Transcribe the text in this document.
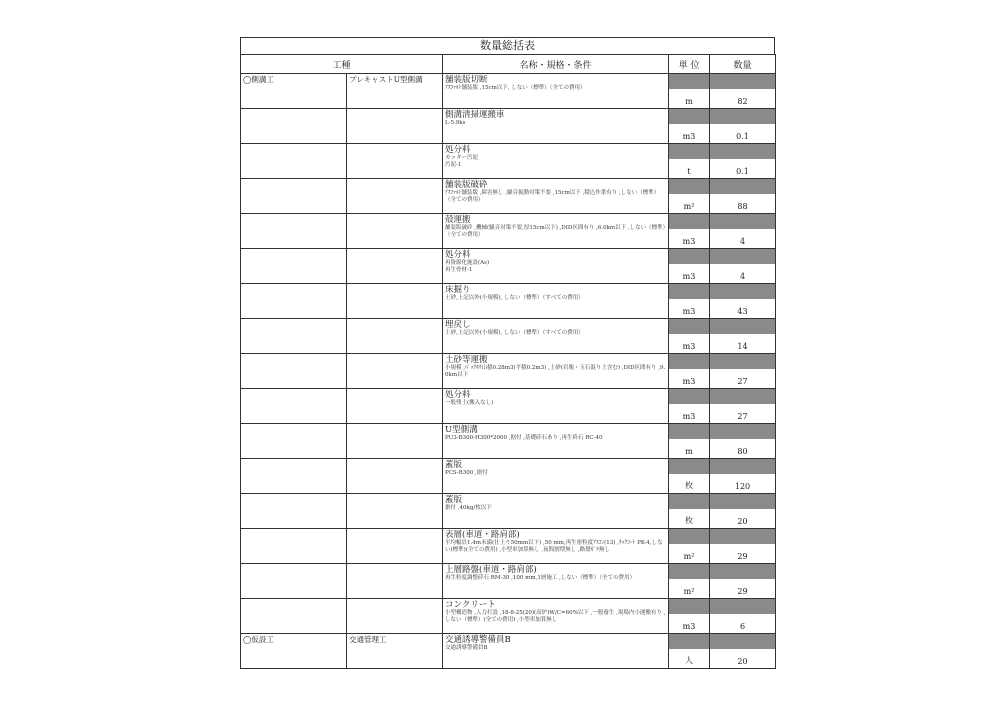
数量総括表
工種		名称・規格・条件	単 位	数量
◯側溝工	プレキャストU型側溝	舗装版切断
ｱｽﾌｧﾙﾄ舗装版 ,15cm以下, しない（標準）（全ての費用）	m	82

		側溝清掃運搬車
L-5.9ks	m3	0.1

		処分料
カッター汚泥
汚泥-1	t	0.1

		舗装版破砕
ｱｽﾌｧﾙﾄ舗装版 ,障害無し ,騒音振動対策不要 ,15cm以下 ,積込作業有り ,しない（標準）（全ての費用）	m²	88

		殻運搬
舗装版破砕 ,機械(騒音対策不要,厚15cm以下) ,DID区間有り ,6.0km以下 ,しない（標準）（全ての費用）	m3	4

		処分料
再資源化施設(As)
再生骨材-1	m3	4

		床掘り
土砂,上記以外(小規模), しない（標準）（すべての費用）	m3	43

		埋戻し
土砂,上記以外(小規模), しない（標準）（すべての費用）	m3	14

		土砂等運搬
小規模 ,ﾊﾞｯｸﾎｳ山積0.28m3(平積0.2m3) ,土砂(岩塊・玉石混り土含む) ,DID区間有り ,9.0km以下	m3	27

		処分料
一般残土(搬入なし)	m3	27

		U型側溝
PU3-B300-H300*2000 ,据付 ,基礎砕石あり ,再生砕石 RC-40	m	80

		蓋版
PCS-B300 ,据付	枚	120

		蓋版
据付 ,40kg/枚以下	枚	20

		表層(車道・路肩部)
平均幅員1.4m未満(仕上り50mm以下) ,50 mm,再生密粒度ｱｽｺﾝ(13) ,ﾀｯｸｺｰﾄ PK-4,しない(標準)(全ての費用) ,小型車加算無し ,夜間割増無し ,路盤ｶﾞﾗ無し	m²	29

		上層路盤(車道・路肩部)
再生粒度調整砕石 RM-30 ,100 mm,1層施工 ,しない（標準）（全ての費用）	m²	29

		コンクリート
小型構造物 ,人力打設 ,18-8-25(20)(高炉)W/C=60%以下 ,一般養生 ,現場内小運搬有り ,しない（標準）(全ての費用) ,小型車加算無し	m3	6

◯仮設工	交通管理工	交通誘導警備員B
交通誘導警備員B	人	20
